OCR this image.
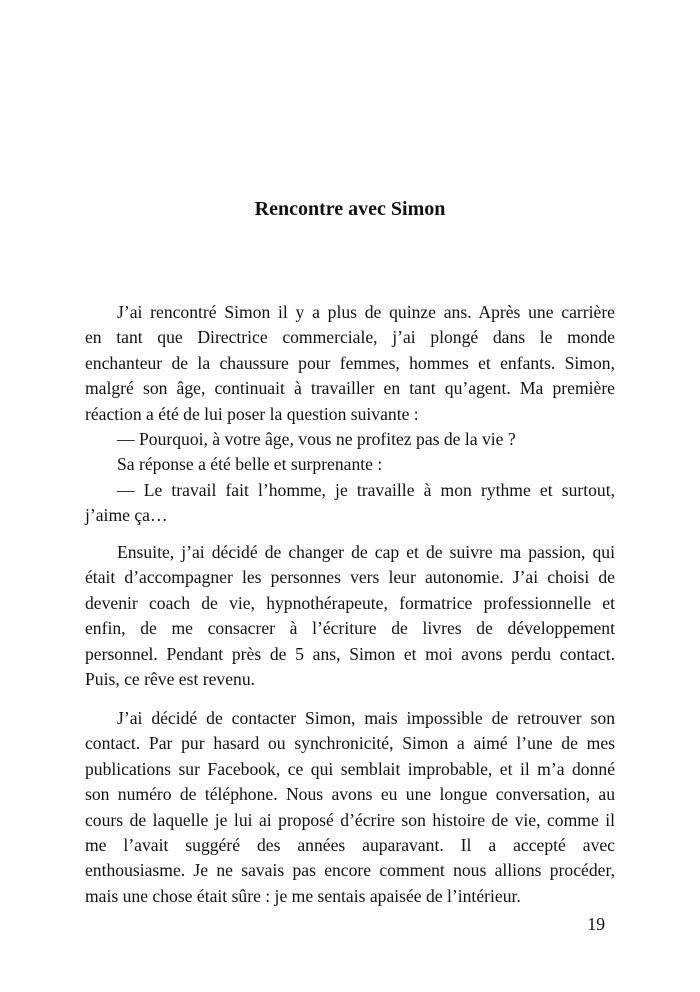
Rencontre avec Simon
J’ai rencontré Simon il y a plus de quinze ans. Après une carrière
en tant que Directrice commerciale, j’ai plongé dans le monde
enchanteur de la chaussure pour femmes, hommes et enfants. Simon,
malgré son âge, continuait à travailler en tant qu’agent. Ma première
réaction a été de lui poser la question suivante :
— Pourquoi, à votre âge, vous ne profitez pas de la vie ?
Sa réponse a été belle et surprenante :
— Le travail fait l’homme, je travaille à mon rythme et surtout,
j’aime ça…
Ensuite, j’ai décidé de changer de cap et de suivre ma passion, qui
était d’accompagner les personnes vers leur autonomie. J’ai choisi de
devenir coach de vie, hypnothérapeute, formatrice professionnelle et
enfin, de me consacrer à l’écriture de livres de développement
personnel. Pendant près de 5 ans, Simon et moi avons perdu contact.
Puis, ce rêve est revenu.
J’ai décidé de contacter Simon, mais impossible de retrouver son
contact. Par pur hasard ou synchronicité, Simon a aimé l’une de mes
publications sur Facebook, ce qui semblait improbable, et il m’a donné
son numéro de téléphone. Nous avons eu une longue conversation, au
cours de laquelle je lui ai proposé d’écrire son histoire de vie, comme il
me l’avait suggéré des années auparavant. Il a accepté avec
enthousiasme. Je ne savais pas encore comment nous allions procéder,
mais une chose était sûre : je me sentais apaisée de l’intérieur.
19
